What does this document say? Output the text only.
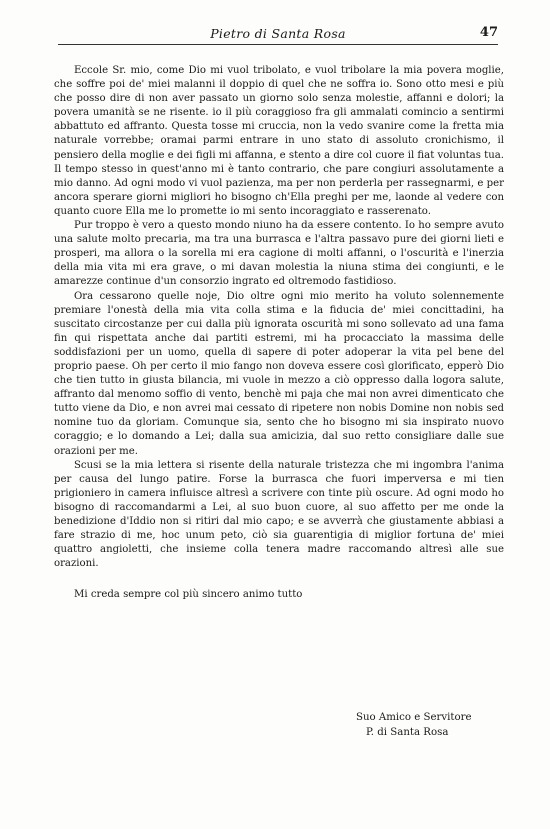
Pietro di Santa Rosa	47

Eccole Sr. mio, come Dio mi vuol tribolato, e vuol tribolare la mia povera moglie, che soffre poi de' miei malanni il doppio di quel che ne soffra io. Sono otto mesi e più che posso dire di non aver passato un giorno solo senza molestie, affanni e dolori; la povera umanità se ne risente. io il più coraggioso fra gli ammalati comincio a sentirmi abbattuto ed affranto. Questa tosse mi cruccia, non la vedo svanire come la fretta mia naturale vorrebbe; oramai parmi entrare in uno stato di assoluto cronichismo, il pensiero della moglie e dei figli mi affanna, e stento a dire col cuore il fiat voluntas tua. Il tempo stesso in quest'anno mi è tanto contrario, che pare congiuri assolutamente a mio danno. Ad ogni modo vi vuol pazienza, ma per non perderla per rassegnarmi, e per ancora sperare giorni migliori ho bisogno ch'Ella preghi per me, laonde al vedere con quanto cuore Ella me lo promette io mi sento incoraggiato e rasserenato.

Pur troppo è vero a questo mondo niuno ha da essere contento. Io ho sempre avuto una salute molto precaria, ma tra una burrasca e l'altra passavo pure dei giorni lieti e prosperi, ma allora o la sorella mi era cagione di molti affanni, o l'oscurità e l'inerzia della mia vita mi era grave, o mi davan molestia la niuna stima dei congiunti, e le amarezze continue d'un consorzio ingrato ed oltremodo fastidioso.

Ora cessarono quelle noje, Dio oltre ogni mio merito ha voluto solennemente premiare l'onestà della mia vita colla stima e la fiducia de' miei concittadini, ha suscitato circostanze per cui dalla più ignorata oscurità mi sono sollevato ad una fama fin qui rispettata anche dai partiti estremi, mi ha procacciato la massima delle soddisfazioni per un uomo, quella di sapere di poter adoperar la vita pel bene del proprio paese. Oh per certo il mio fango non doveva essere così glorificato, epperò Dio che tien tutto in giusta bilancia, mi vuole in mezzo a ciò oppresso dalla logora salute, affranto dal menomo soffio di vento, benchè mi paja che mai non avrei dimenticato che tutto viene da Dio, e non avrei mai cessato di ripetere non nobis Domine non nobis sed nomine tuo da gloriam. Comunque sia, sento che ho bisogno mi sia inspirato nuovo coraggio; e lo domando a Lei; dalla sua amicizia, dal suo retto consigliare dalle sue orazioni per me.

Scusi se la mia lettera si risente della naturale tristezza che mi ingombra l'anima per causa del lungo patire. Forse la burrasca che fuori imperversa e mi tien prigioniero in camera influisce altresì a scrivere con tinte più oscure. Ad ogni modo ho bisogno di raccomandarmi a Lei, al suo buon cuore, al suo affetto per me onde la benedizione d'Iddio non si ritiri dal mio capo; e se avverrà che giustamente abbiasi a fare strazio di me, hoc unum peto, ciò sia guarentigia di miglior fortuna de' miei quattro angioletti, che insieme colla tenera madre raccomando altresì alle sue orazioni.

Mi creda sempre col più sincero animo tutto

Suo Amico e Servitore
P. di Santa Rosa
